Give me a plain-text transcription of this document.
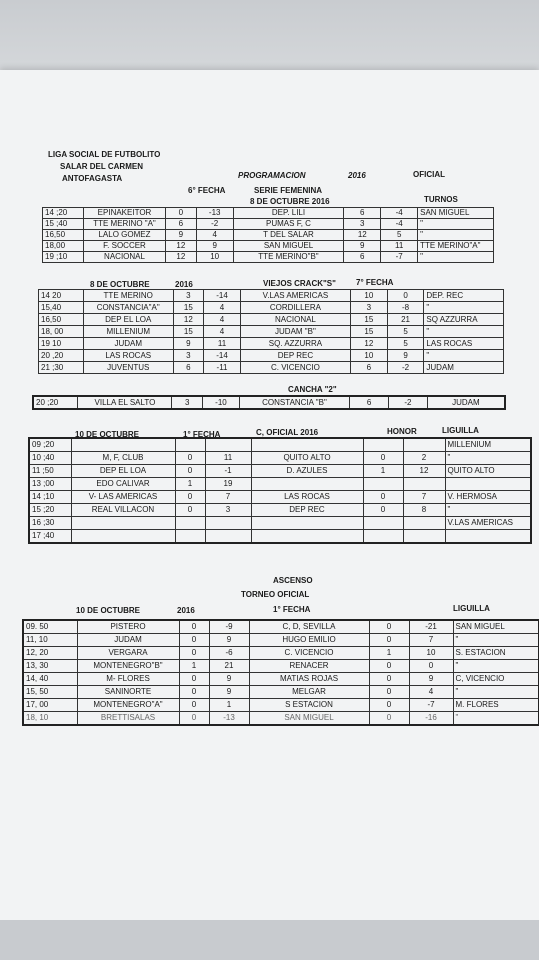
LIGA SOCIAL DE FUTBOLITO
SALAR DEL CARMEN
ANTOFAGASTA	PROGRAMACION	2016	OFICIAL
6° FECHA	SERIE FEMENINA
8 DE OCTUBRE 2016	TURNOS
14 ;20	EPINAKEITOR	0	-13	DEP. LILI	6	-4	SAN MIGUEL
15 ;40	TTE MERINO "A"	6	-2	PUMAS F, C	3	-4	"
16,50	LALO GOMEZ	9	4	T DEL SALAR	12	5	"
18,00	F. SOCCER	12	9	SAN MIGUEL	9	11	TTE MERINO"A"
19 ;10	NACIONAL	12	10	TTE MERINO"B"	6	-7	"
8 DE OCTUBRE	2016	VIEJOS CRACK"S"	7° FECHA
14 20	TTE MERINO	3	-14	V.LAS AMERICAS	10	0	DEP. REC
15,40	CONSTANCIA"A"	15	4	CORDILLERA	3	-8	"
16,50	DEP EL LOA	12	4	NACIONAL	15	21	SQ AZZURRA
18, 00	MILLENIUM	15	4	JUDAM "B"	15	5	"
19 10	JUDAM	9	11	SQ. AZZURRA	12	5	LAS ROCAS
20 ,20	LAS ROCAS	3	-14	DEP REC	10	9	"
21 ;30	JUVENTUS	6	-11	C. VICENCIO	6	-2	JUDAM
CANCHA "2"
20 ;20	VILLA EL SALTO	3	-10	CONSTANCIA "B"	6	-2	JUDAM
10 DE OCTUBRE	1° FECHA	C, OFICIAL 2016	HONOR	LIGUILLA
09 ;20							MILLENIUM
10 ;40	M, F, CLUB	0	11	QUITO ALTO	0	2	"
11 ;50	DEP EL LOA	0	-1	D. AZULES	1	12	QUITO ALTO
13 ;00	EDO CALIVAR	1	19				
14 ;10	V- LAS AMERICAS	0	7	LAS ROCAS	0	7	V. HERMOSA
15 ;20	REAL VILLACON	0	3	DEP REC	0	8	"
16 ;30							V.LAS AMERICAS
17 ;40							
ASCENSO
TORNEO OFICIAL
10 DE OCTUBRE	2016	1° FECHA	LIGUILLA
09. 50	PISTERO	0	-9	C, D, SEVILLA	0	-21	SAN MIGUEL
11, 10	JUDAM	0	9	HUGO EMILIO	0	7	"
12, 20	VERGARA	0	-6	C. VICENCIO	1	10	S. ESTACION
13, 30	MONTENEGRO"B"	1	21	RENACER	0	0	"
14, 40	M- FLORES	0	9	MATIAS ROJAS	0	9	C, VICENCIO
15, 50	SANINORTE	0	9	MELGAR	0	4	"
17, 00	MONTENEGRO"A"	0	1	S ESTACION	0	-7	M. FLORES
18, 10	BRETTISALAS	0	-13	SAN MIGUEL	0	-16	"
